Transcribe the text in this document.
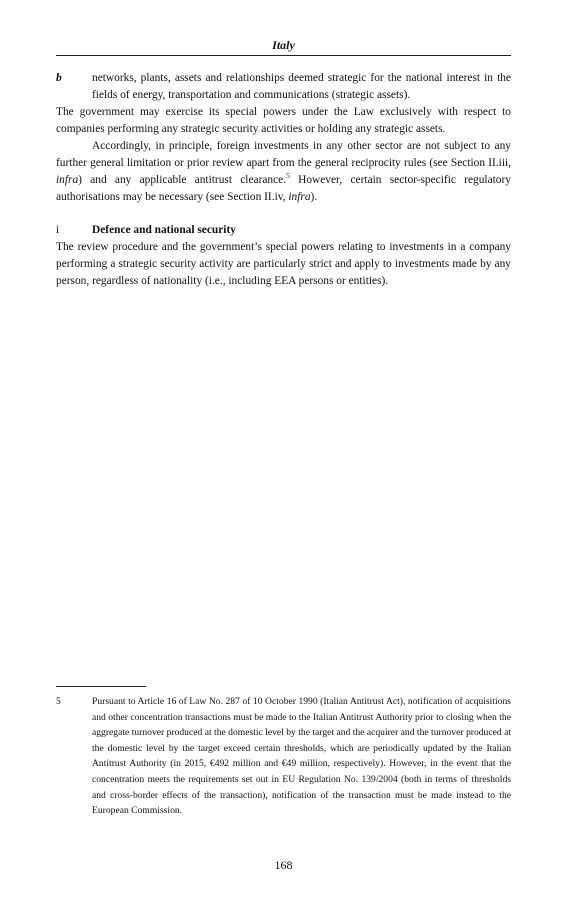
Italy
b	networks, plants, assets and relationships deemed strategic for the national interest in the fields of energy, transportation and communications (strategic assets).

The government may exercise its special powers under the Law exclusively with respect to companies performing any strategic security activities or holding any strategic assets.

Accordingly, in principle, foreign investments in any other sector are not subject to any further general limitation or prior review apart from the general reciprocity rules (see Section II.iii, infra) and any applicable antitrust clearance.$^5$ However, certain sector-specific regulatory authorisations may be necessary (see Section II.iv, infra).

i	Defence and national security

The review procedure and the government’s special powers relating to investments in a company performing a strategic security activity are particularly strict and apply to investments made by any person, regardless of nationality (i.e., including EEA persons or entities).

5	Pursuant to Article 16 of Law No. 287 of 10 October 1990 (Italian Antitrust Act), notification of acquisitions and other concentration transactions must be made to the Italian Antitrust Authority prior to closing when the aggregate turnover produced at the domestic level by the target and the acquirer and the turnover produced at the domestic level by the target exceed certain thresholds, which are periodically updated by the Italian Antitrust Authority (in 2015, €492 million and €49 million, respectively). However, in the event that the concentration meets the requirements set out in EU Regulation No. 139/2004 (both in terms of thresholds and cross-border effects of the transaction), notification of the transaction must be made instead to the European Commission.
168
